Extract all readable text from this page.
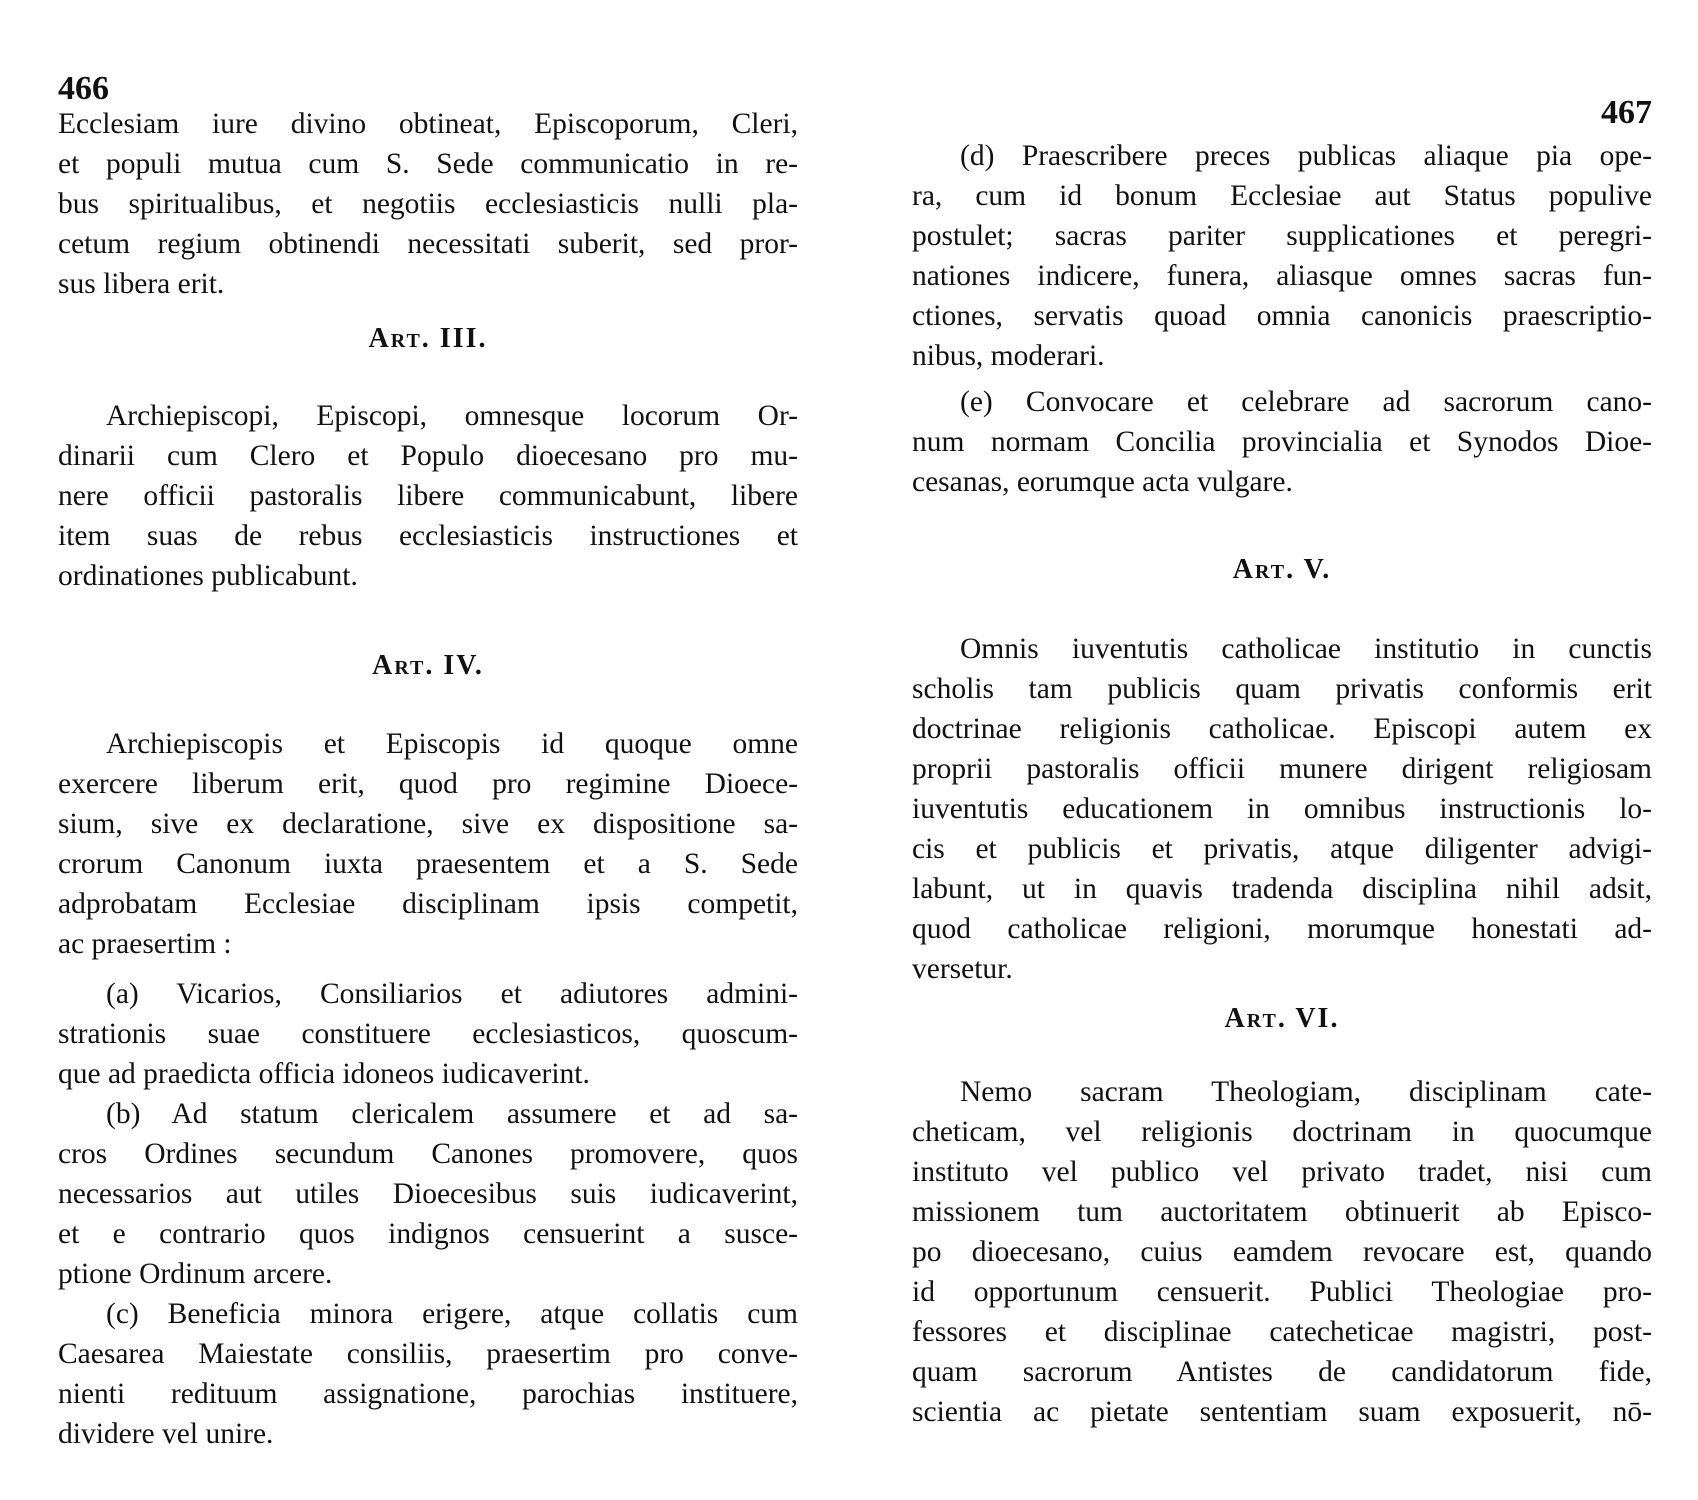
466
Ecclesiam iure divino obtineat, Episcoporum, Cleri,
et populi mutua cum S. Sede communicatio in re-
bus spiritualibus, et negotiis ecclesiasticis nulli pla-
cetum regium obtinendi necessitati suberit, sed pror-
sus libera erit.
Art. III.
Archiepiscopi, Episcopi, omnesque locorum Or-
dinarii cum Clero et Populo dioecesano pro mu-
nere officii pastoralis libere communicabunt, libere
item suas de rebus ecclesiasticis instructiones et
ordinationes publicabunt.
Art. IV.
Archiepiscopis et Episcopis id quoque omne
exercere liberum erit, quod pro regimine Dioece-
sium, sive ex declaratione, sive ex dispositione sa-
crorum Canonum iuxta praesentem et a S. Sede
adprobatam Ecclesiae disciplinam ipsis competit,
ac praesertim :
(a) Vicarios, Consiliarios et adiutores admini-
strationis suae constituere ecclesiasticos, quoscum-
que ad praedicta officia idoneos iudicaverint.
(b) Ad statum clericalem assumere et ad sa-
cros Ordines secundum Canones promovere, quos
necessarios aut utiles Dioecesibus suis iudicaverint,
et e contrario quos indignos censuerint a susce-
ptione Ordinum arcere.
(c) Beneficia minora erigere, atque collatis cum
Caesarea Maiestate consiliis, praesertim pro conve-
nienti redituum assignatione, parochias instituere,
dividere vel unire.
467
(d) Praescribere preces publicas aliaque pia ope-
ra, cum id bonum Ecclesiae aut Status populive
postulet; sacras pariter supplicationes et peregri-
nationes indicere, funera, aliasque omnes sacras fun-
ctiones, servatis quoad omnia canonicis praescriptio-
nibus, moderari.
(e) Convocare et celebrare ad sacrorum cano-
num normam Concilia provincialia et Synodos Dioe-
cesanas, eorumque acta vulgare.
Art. V.
Omnis iuventutis catholicae institutio in cunctis
scholis tam publicis quam privatis conformis erit
doctrinae religionis catholicae. Episcopi autem ex
proprii pastoralis officii munere dirigent religiosam
iuventutis educationem in omnibus instructionis lo-
cis et publicis et privatis, atque diligenter advigi-
labunt, ut in quavis tradenda disciplina nihil adsit,
quod catholicae religioni, morumque honestati ad-
versetur.
Art. VI.
Nemo sacram Theologiam, disciplinam cate-
cheticam, vel religionis doctrinam in quocumque
instituto vel publico vel privato tradet, nisi cum
missionem tum auctoritatem obtinuerit ab Episco-
po dioecesano, cuius eamdem revocare est, quando
id opportunum censuerit. Publici Theologiae pro-
fessores et disciplinae catecheticae magistri, post-
quam sacrorum Antistes de candidatorum fide,
scientia ac pietate sententiam suam exposuerit, nō-
